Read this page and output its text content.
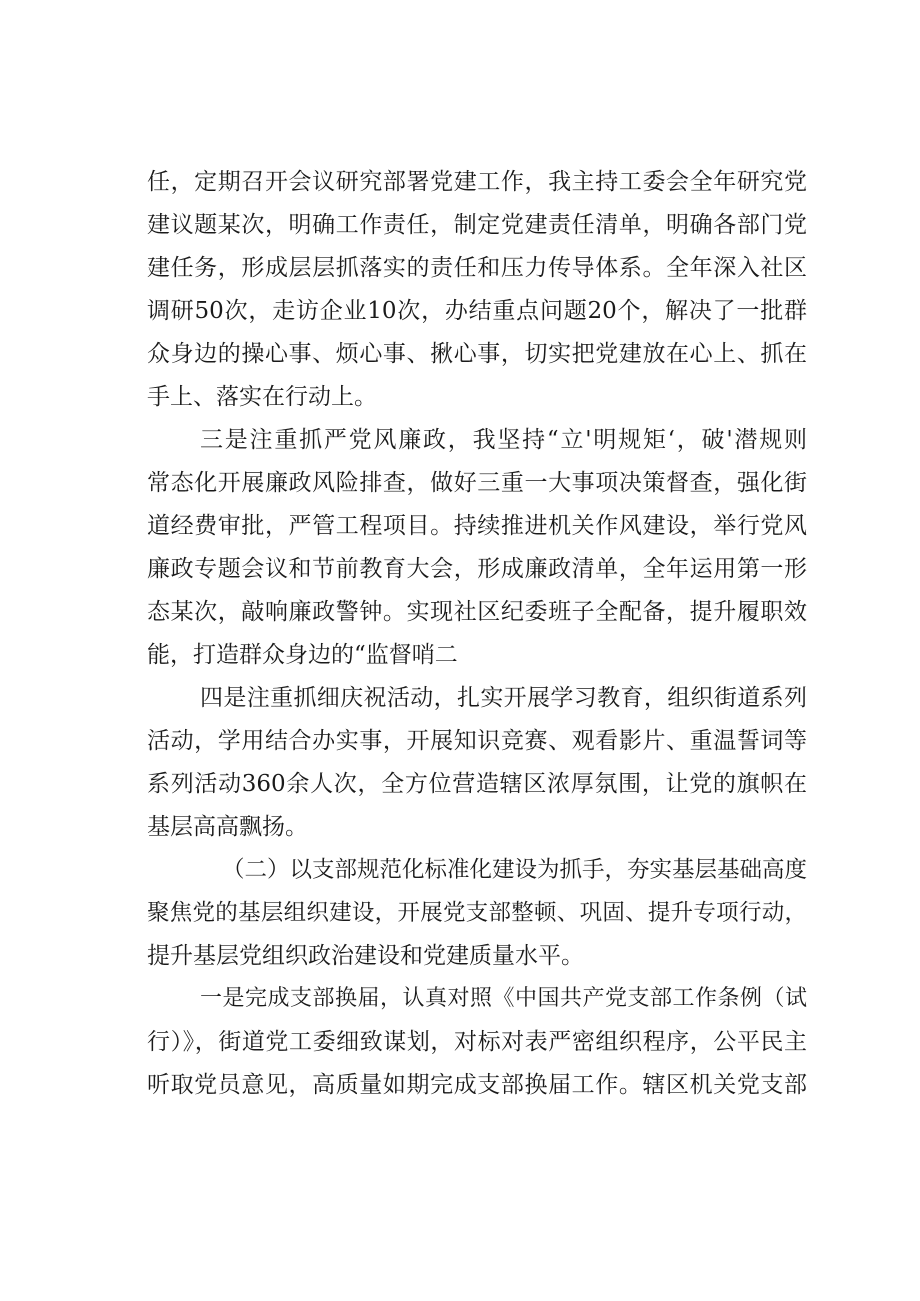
任，定期召开会议研究部署党建工作，我主持工委会全年研究党
建议题某次，明确工作责任，制定党建责任清单，明确各部门党
建任务，形成层层抓落实的责任和压力传导体系。全年深入社区
调研50次，走访企业10次，办结重点问题20个，解决了一批群
众身边的操心事、烦心事、揪心事，切实把党建放在心上、抓在
手上、落实在行动上。
三是注重抓严党风廉政，我坚持“立'明规矩‘，破'潜规则
常态化开展廉政风险排查，做好三重一大事项决策督查，强化街
道经费审批，严管工程项目。持续推进机关作风建设，举行党风
廉政专题会议和节前教育大会，形成廉政清单，全年运用第一形
态某次，敲响廉政警钟。实现社区纪委班子全配备，提升履职效
能，打造群众身边的“监督哨二
四是注重抓细庆祝活动，扎实开展学习教育，组织街道系列
活动，学用结合办实事，开展知识竞赛、观看影片、重温誓词等
系列活动360余人次，全方位营造辖区浓厚氛围，让党的旗帜在
基层高高飘扬。
（二）以支部规范化标准化建设为抓手，夯实基层基础高度
聚焦党的基层组织建设，开展党支部整顿、巩固、提升专项行动，
提升基层党组织政治建设和党建质量水平。
一是完成支部换届，认真对照《中国共产党支部工作条例（试
行）》，街道党工委细致谋划，对标对表严密组织程序，公平民主
听取党员意见，高质量如期完成支部换届工作。辖区机关党支部
